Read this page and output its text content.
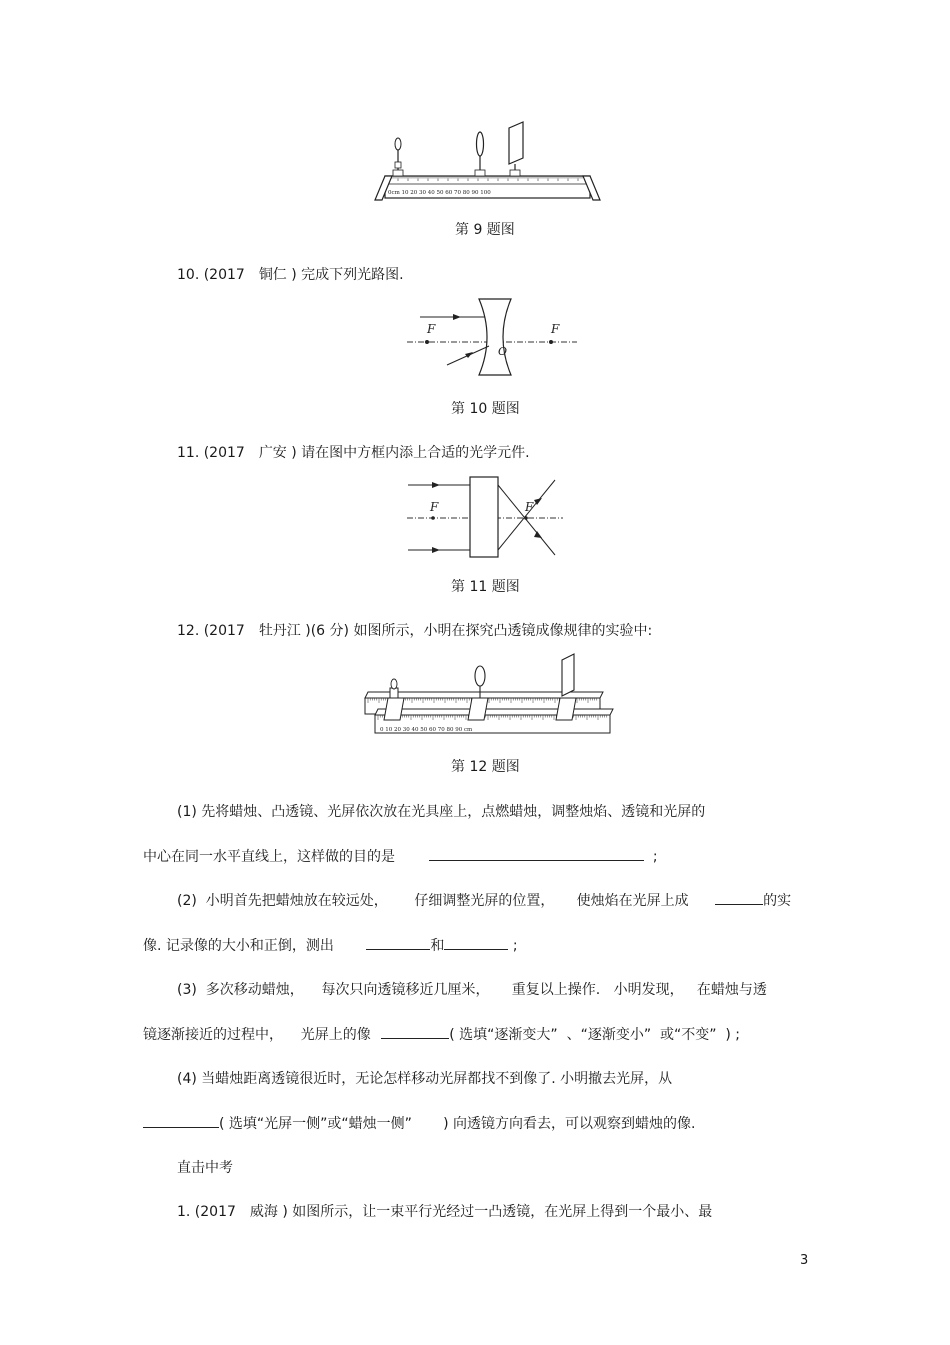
0cm 10 20 30 40 50 60 70 80 90 100
第 9 题图
10. (2017 铜仁 ) 完成下列光路图.
F	F
O
第 10 题图
11. (2017 广安 ) 请在图中方框内添上合适的光学元件.
F	F
第 11 题图
12. (2017 牡丹江 )(6 分) 如图所示，小明在探究凸透镜成像规律的实验中:
0 10 20 30 40 50 60 70 80 90 cm
第 12 题图
(1) 先将蜡烛、凸透镜、光屏依次放在光具座上，点燃蜡烛，调整烛焰、透镜和光屏的
中心在同一水平直线上，这样做的目的是	;
(2)  小明首先把蜡烛放在较远处，      仔细调整光屏的位置，     使烛焰在光屏上成	的实
像. 记录像的大小和正倒，测出	和	;
(3)  多次移动蜡烛，    每次只向透镜移近几厘米，     重复以上操作.   小明发现，   在蜡烛与透
镜逐渐接近的过程中，    光屏上的像	( 选填“逐渐变大”  、“逐渐变小”  或“不变”  ) ;
(4) 当蜡烛距离透镜很近时，无论怎样移动光屏都找不到像了. 小明撤去光屏，从
( 选填“光屏一侧”或“蜡烛一侧”       ) 向透镜方向看去，可以观察到蜡烛的像.
直击中考
1. (2017 威海 ) 如图所示，让一束平行光经过一凸透镜，在光屏上得到一个最小、最
3
